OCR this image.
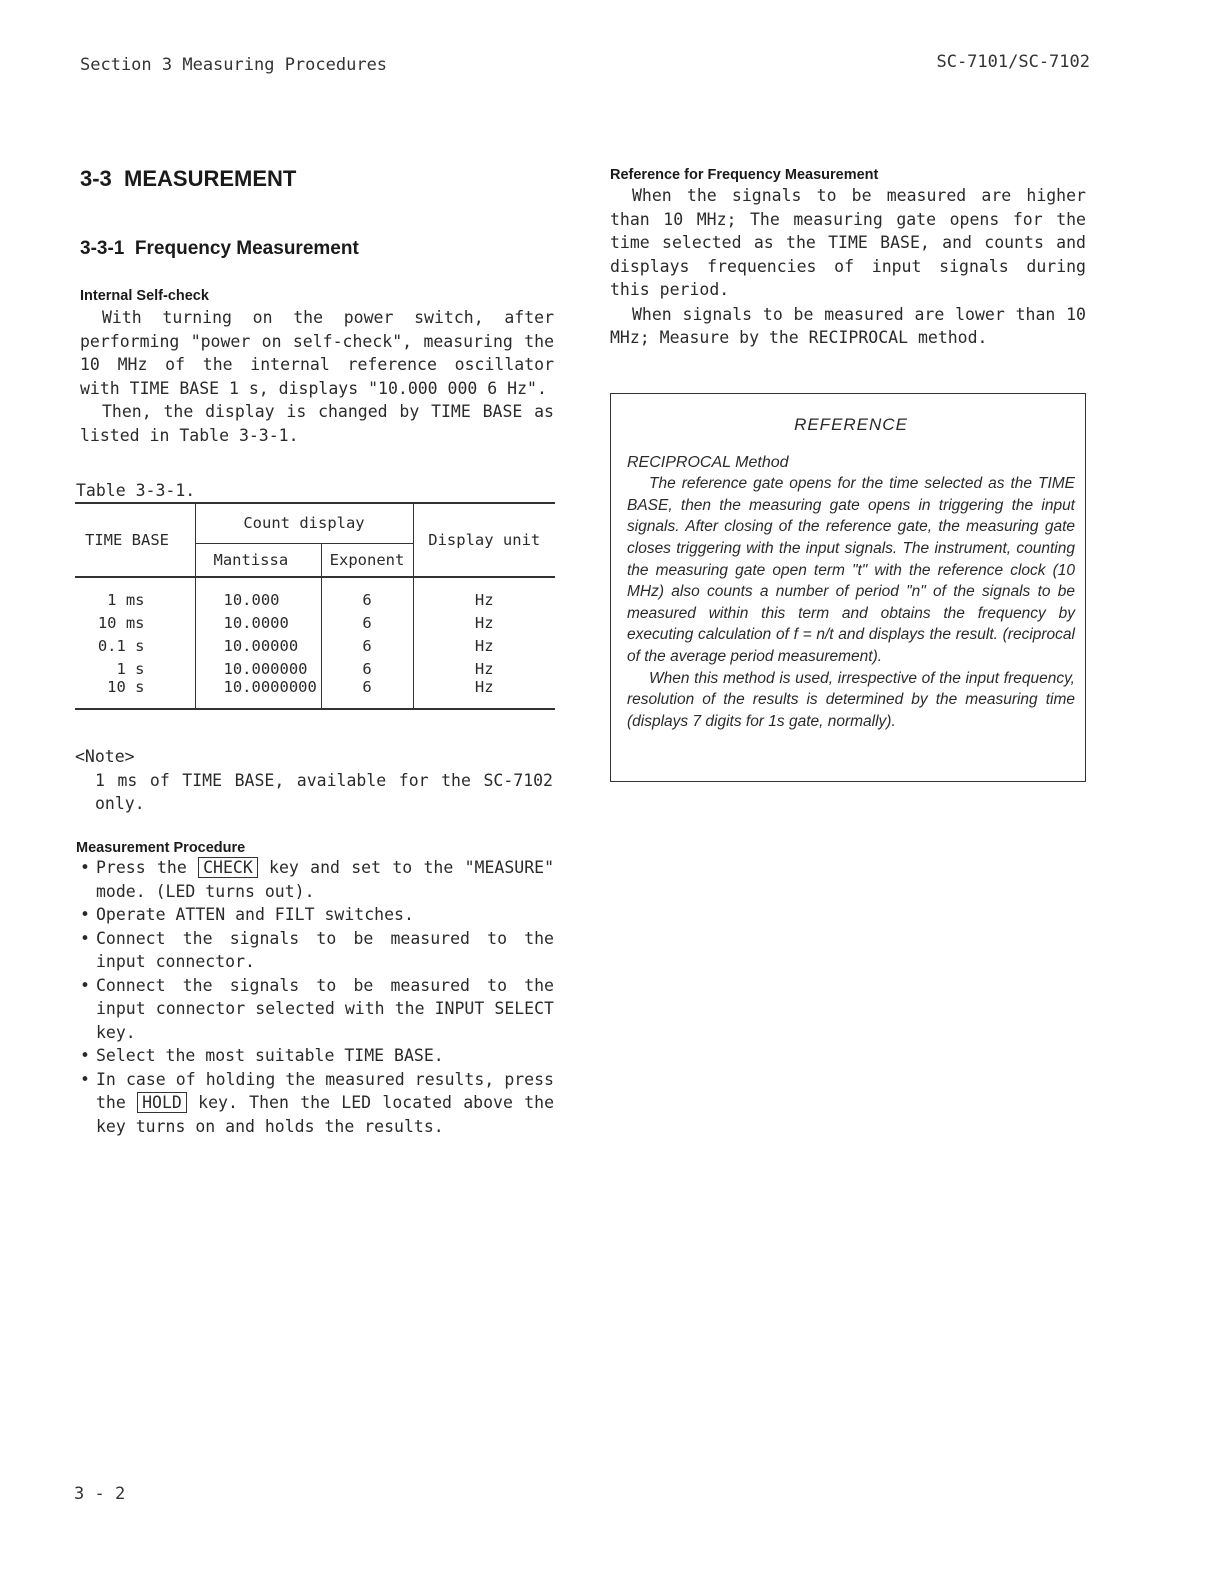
Section 3 Measuring Procedures	SC-7101/SC-7102
3-3 MEASUREMENT
3-3-1 Frequency Measurement
Internal Self-check

With turning on the power switch, after performing "power on self-check", measuring the 10 MHz of the internal reference oscillator with TIME BASE 1 s, displays "10.000 000 6 Hz".

Then, the display is changed by TIME BASE as listed in Table 3-3-1.

Table 3-3-1.
TIME BASE	Count display		Display unit
	Mantissa	Exponent	
1 ms	10.000	6	Hz
10 ms	10.0000	6	Hz
0.1 s	10.00000	6	Hz
1 s	10.000000	6	Hz
10 s	10.0000000	6	Hz
<Note>

1 ms of TIME BASE, available for the SC-7102 only.

Measurement Procedure
• Press the CHECK key and set to the "MEASURE" mode. (LED turns out).
• Operate ATTEN and FILT switches.
• Connect the signals to be measured to the input connector.
• Connect the signals to be measured to the input connector selected with the INPUT SELECT key.
• Select the most suitable TIME BASE.
• In case of holding the measured results, press the HOLD key. Then the LED located above the key turns on and holds the results.
Reference for Frequency Measurement

When the signals to be measured are higher than 10 MHz; The measuring gate opens for the time selected as the TIME BASE, and counts and displays frequencies of input signals during this period.

When signals to be measured are lower than 10 MHz; Measure by the RECIPROCAL method.

REFERENCE
RECIPROCAL Method

The reference gate opens for the time selected as the TIME BASE, then the measuring gate opens in triggering the input signals. After closing of the reference gate, the measuring gate closes triggering with the input signals. The instrument, counting the measuring gate open term "t" with the reference clock (10 MHz) also counts a number of period "n" of the signals to be measured within this term and obtains the frequency by executing calculation of f = n/t and displays the result. (reciprocal of the average period measurement).

When this method is used, irrespective of the input frequency, resolution of the results is determined by the measuring time (displays 7 digits for 1s gate, normally).

3 - 2
